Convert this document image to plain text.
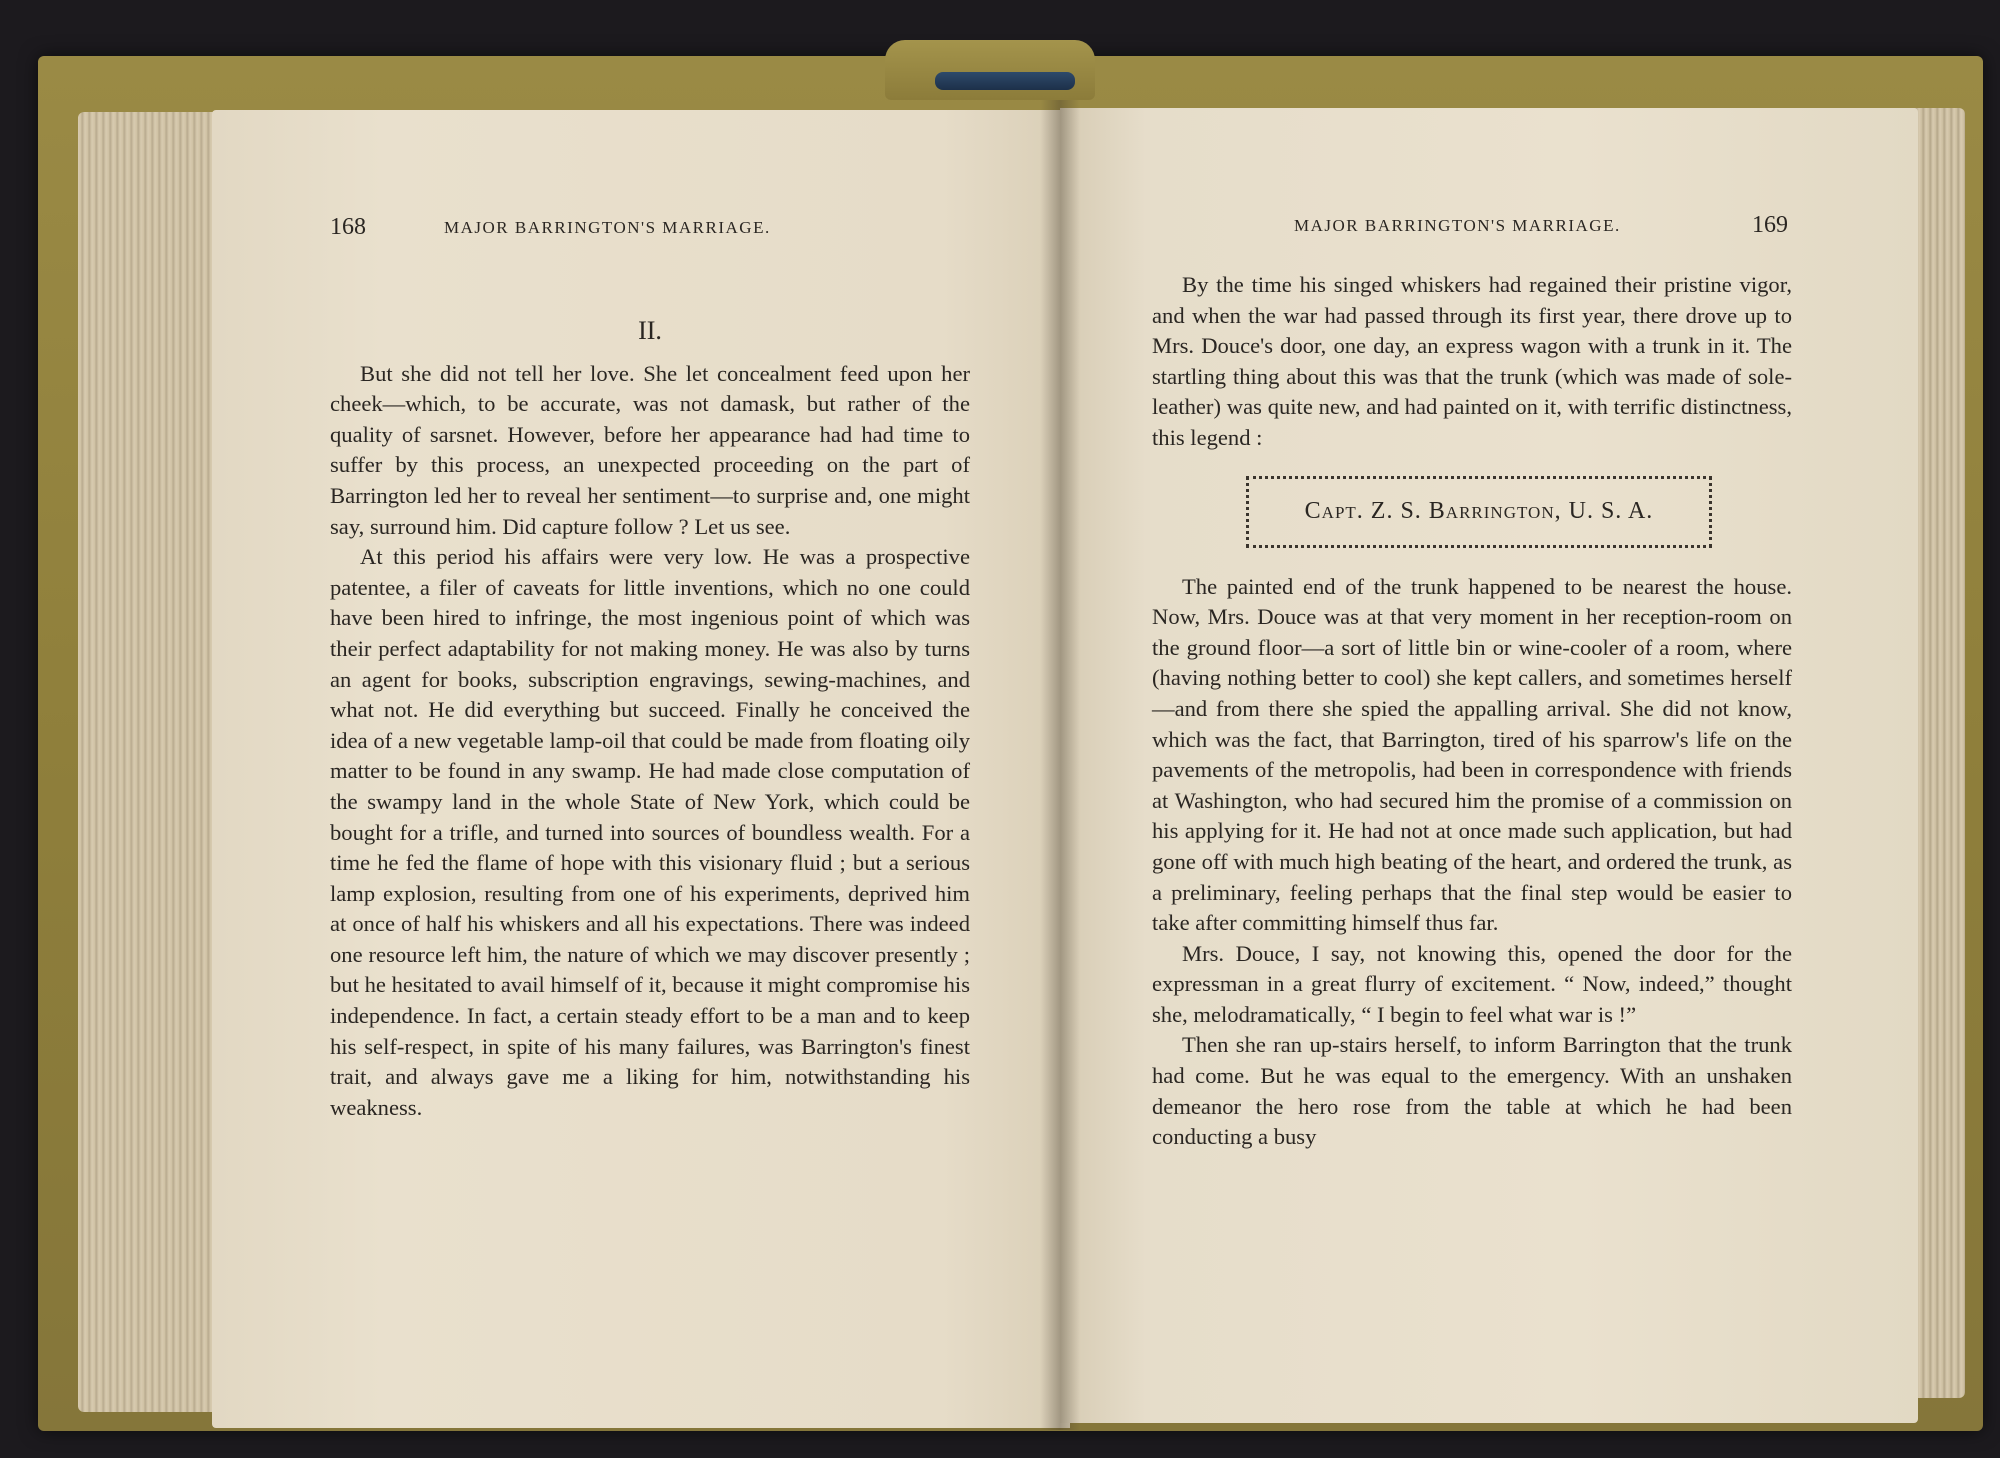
168	MAJOR BARRINGTON'S MARRIAGE.
II.

But she did not tell her love. She let concealment feed upon her cheek—which, to be accurate, was not damask, but rather of the quality of sarsnet. However, before her appearance had had time to suffer by this process, an unexpected proceeding on the part of Barrington led her to reveal her sentiment—to surprise and, one might say, surround him. Did capture follow ? Let us see.

At this period his affairs were very low. He was a prospective patentee, a filer of caveats for little inventions, which no one could have been hired to infringe, the most ingenious point of which was their perfect adaptability for not making money. He was also by turns an agent for books, subscription engravings, sewing-machines, and what not. He did everything but succeed. Finally he conceived the idea of a new vegetable lamp-oil that could be made from floating oily matter to be found in any swamp. He had made close computation of the swampy land in the whole State of New York, which could be bought for a trifle, and turned into sources of boundless wealth. For a time he fed the flame of hope with this visionary fluid ; but a serious lamp explosion, resulting from one of his experiments, deprived him at once of half his whiskers and all his expectations. There was indeed one resource left him, the nature of which we may discover presently ; but he hesitated to avail himself of it, because it might compromise his independence. In fact, a certain steady effort to be a man and to keep his self-respect, in spite of his many failures, was Barrington's finest trait, and always gave me a liking for him, notwithstanding his weakness.

MAJOR BARRINGTON'S MARRIAGE.	169

By the time his singed whiskers had regained their pristine vigor, and when the war had passed through its first year, there drove up to Mrs. Douce's door, one day, an express wagon with a trunk in it. The startling thing about this was that the trunk (which was made of sole-leather) was quite new, and had painted on it, with terrific distinctness, this legend :

Capt. Z. S. Barrington, U. S. A.

The painted end of the trunk happened to be nearest the house. Now, Mrs. Douce was at that very moment in her reception-room on the ground floor—a sort of little bin or wine-cooler of a room, where (having nothing better to cool) she kept callers, and sometimes herself—and from there she spied the appalling arrival. She did not know, which was the fact, that Barrington, tired of his sparrow's life on the pavements of the metropolis, had been in correspondence with friends at Washington, who had secured him the promise of a commission on his applying for it. He had not at once made such application, but had gone off with much high beating of the heart, and ordered the trunk, as a preliminary, feeling perhaps that the final step would be easier to take after committing himself thus far.

Mrs. Douce, I say, not knowing this, opened the door for the expressman in a great flurry of excitement. “ Now, indeed,” thought she, melodramatically, “ I begin to feel what war is !”

Then she ran up-stairs herself, to inform Barrington that the trunk had come. But he was equal to the emergency. With an unshaken demeanor the hero rose from the table at which he had been conducting a busy
